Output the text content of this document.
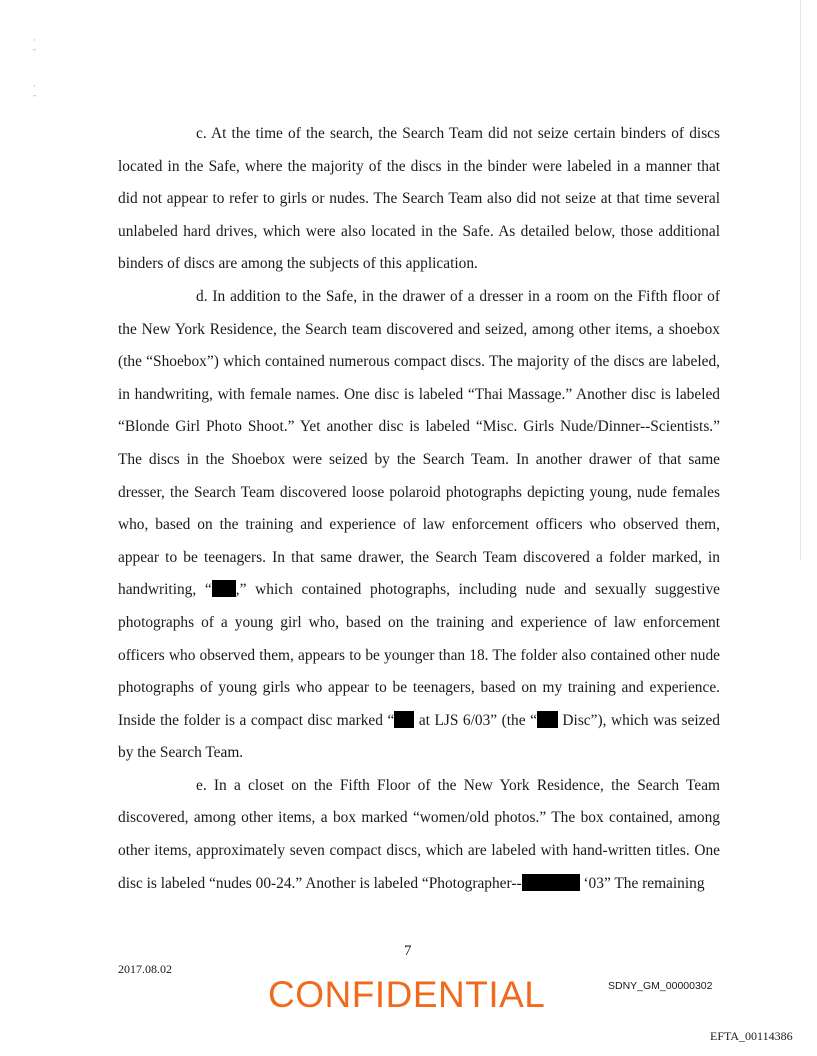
·
-
·
-

c. At the time of the search, the Search Team did not seize certain binders of discs located in the Safe, where the majority of the discs in the binder were labeled in a manner that did not appear to refer to girls or nudes. The Search Team also did not seize at that time several unlabeled hard drives, which were also located in the Safe. As detailed below, those additional binders of discs are among the subjects of this application.

d. In addition to the Safe, in the drawer of a dresser in a room on the Fifth floor of the New York Residence, the Search team discovered and seized, among other items, a shoebox (the “Shoebox”) which contained numerous compact discs. The majority of the discs are labeled, in handwriting, with female names. One disc is labeled “Thai Massage.” Another disc is labeled “Blonde Girl Photo Shoot.” Yet another disc is labeled “Misc. Girls Nude/Dinner--Scientists.” The discs in the Shoebox were seized by the Search Team. In another drawer of that same dresser, the Search Team discovered loose polaroid photographs depicting young, nude females who, based on the training and experience of law enforcement officers who observed them, appear to be teenagers. In that same drawer, the Search Team discovered a folder marked, in handwriting, “ ,” which contained photographs, including nude and sexually suggestive photographs of a young girl who, based on the training and experience of law enforcement officers who observed them, appears to be younger than 18. The folder also contained other nude photographs of young girls who appear to be teenagers, based on my training and experience. Inside the folder is a compact disc marked “ at LJS 6/03” (the “ Disc”), which was seized by the Search Team.

e. In a closet on the Fifth Floor of the New York Residence, the Search Team discovered, among other items, a box marked “women/old photos.” The box contained, among other items, approximately seven compact discs, which are labeled with hand-written titles. One disc is labeled “nudes 00-24.” Another is labeled “Photographer--	‘03” The remaining

7
2017.08.02
CONFIDENTIAL	SDNY_GM_00000302
EFTA_00114386
